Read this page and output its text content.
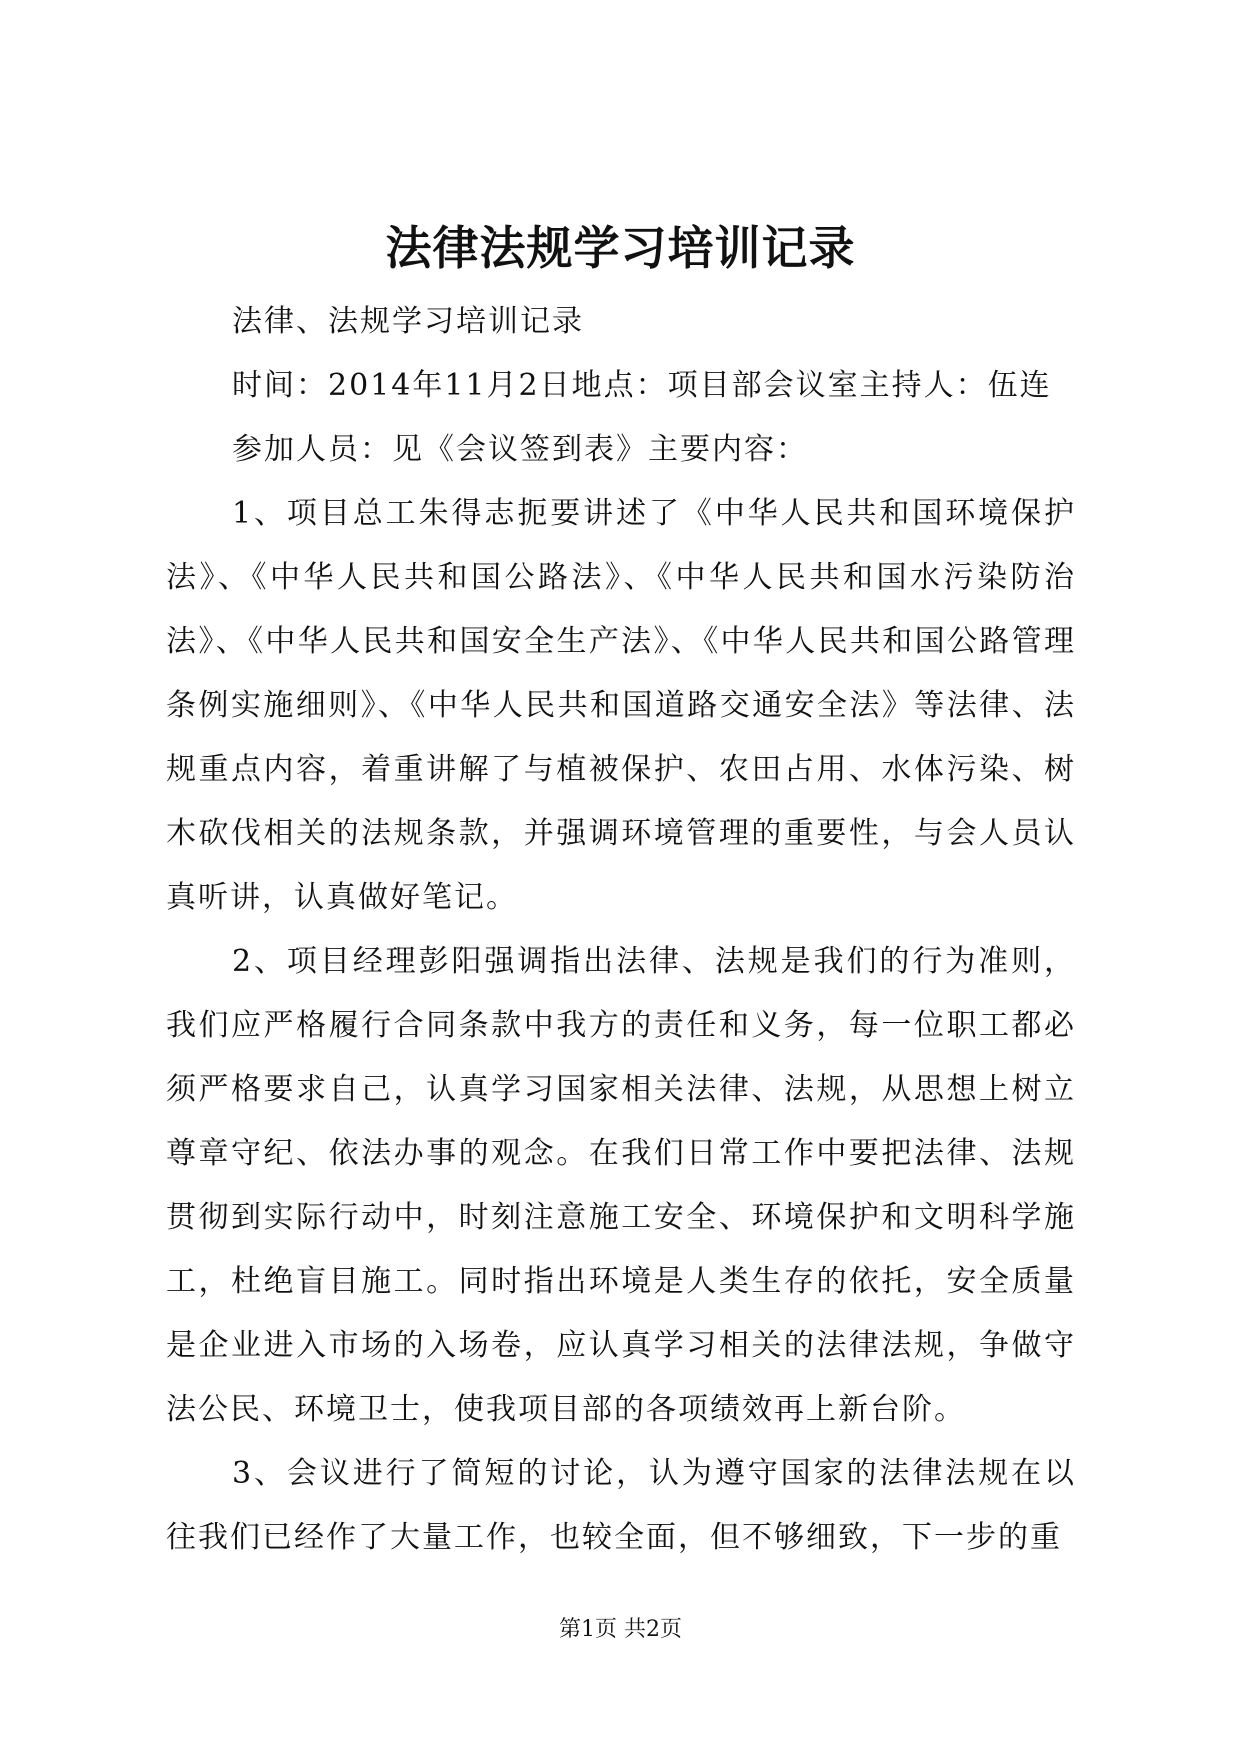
法律法规学习培训记录

法律、法规学习培训记录

时间：2014年11月2日地点：项目部会议室主持人：伍连

参加人员：见《会议签到表》主要内容：

1、项目总工朱得志扼要讲述了《中华人民共和国环境保护法》、《中华人民共和国公路法》、《中华人民共和国水污染防治法》、《中华人民共和国安全生产法》、《中华人民共和国公路管理条例实施细则》、《中华人民共和国道路交通安全法》等法律、法规重点内容，着重讲解了与植被保护、农田占用、水体污染、树木砍伐相关的法规条款，并强调环境管理的重要性，与会人员认真听讲，认真做好笔记。

2、项目经理彭阳强调指出法律、法规是我们的行为准则，我们应严格履行合同条款中我方的责任和义务，每一位职工都必须严格要求自己，认真学习国家相关法律、法规，从思想上树立尊章守纪、依法办事的观念。在我们日常工作中要把法律、法规贯彻到实际行动中，时刻注意施工安全、环境保护和文明科学施工，杜绝盲目施工。同时指出环境是人类生存的依托，安全质量是企业进入市场的入场卷，应认真学习相关的法律法规，争做守法公民、环境卫士，使我项目部的各项绩效再上新台阶。

3、会议进行了简短的讨论，认为遵守国家的法律法规在以往我们已经作了大量工作，也较全面，但不够细致，下一步的重

第1页 共2页
